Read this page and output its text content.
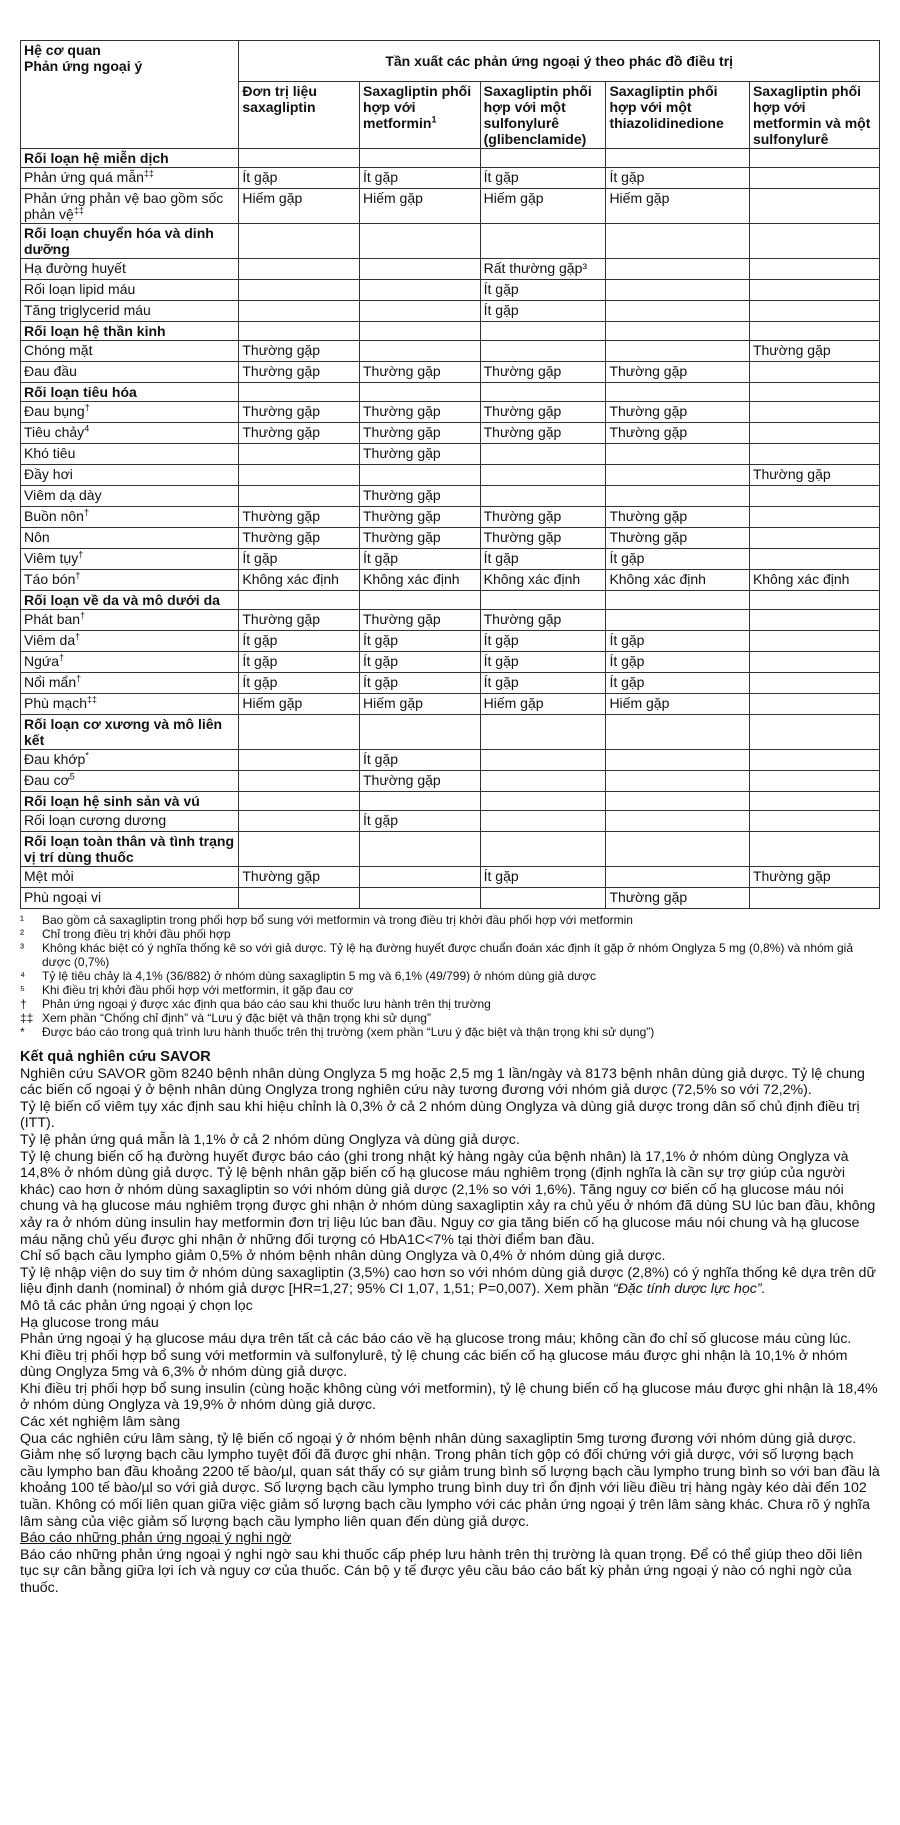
Hệ cơ quan
Phản ứng ngoại ý	Tần xuất các phản ứng ngoại ý theo phác đồ điều trị				
	Đơn trị liệu saxagliptin	Saxagliptin phối hợp với metformin$^1$	Saxagliptin phối hợp với một sulfonylurê (glibenclamide)	Saxagliptin phối hợp với một thiazolidinedione	Saxagliptin phối hợp với metformin và một sulfonylurê
Rối loạn hệ miễn dịch					
Phản ứng quá mẫn‡‡	Ít gặp	Ít gặp	Ít gặp	Ít gặp	
Phản ứng phản vệ bao gồm sốc phản vệ‡‡	Hiếm gặp	Hiếm gặp	Hiếm gặp	Hiếm gặp	
Rối loạn chuyển hóa và dinh dưỡng					
Hạ đường huyết			Rất thường gặp³		
Rối loạn lipid máu			Ít gặp		
Tăng triglycerid máu			Ít gặp		
Rối loạn hệ thần kinh					
Chóng mặt	Thường gặp				Thường gặp
Đau đầu	Thường gặp	Thường gặp	Thường gặp	Thường gặp	
Rối loạn tiêu hóa					
Đau bụng†	Thường gặp	Thường gặp	Thường gặp	Thường gặp	
Tiêu chảy$^4$	Thường gặp	Thường gặp	Thường gặp	Thường gặp	
Khó tiêu		Thường gặp			
Đầy hơi					Thường gặp
Viêm dạ dày		Thường gặp			
Buồn nôn†	Thường gặp	Thường gặp	Thường gặp	Thường gặp	
Nôn	Thường gặp	Thường gặp	Thường gặp	Thường gặp	
Viêm tụy†	Ít gặp	Ít gặp	Ít gặp	Ít gặp	
Táo bón†	Không xác định	Không xác định	Không xác định	Không xác định	Không xác định
Rối loạn về da và mô dưới da					
Phát ban†	Thường gặp	Thường gặp	Thường gặp		
Viêm da†	Ít gặp	Ít gặp	Ít gặp	Ít gặp	
Ngứa†	Ít gặp	Ít gặp	Ít gặp	Ít gặp	
Nổi mẩn†	Ít gặp	Ít gặp	Ít gặp	Ít gặp	
Phù mạch‡‡	Hiếm gặp	Hiếm gặp	Hiếm gặp	Hiếm gặp	
Rối loạn cơ xương và mô liên kết					
Đau khớp*		Ít gặp			
Đau $cơ^5$		Thường gặp			
Rối loạn hệ sinh sản và vú					
Rối loạn cương dương		Ít gặp			
Rối loạn toàn thân và tình trạng vị trí dùng thuốc					
Mệt mỏi	Thường gặp		Ít gặp		Thường gặp
Phù ngoại vi				Thường gặp	
¹	Bao gồm cả saxagliptin trong phối hợp bổ sung với metformin và trong điều trị khởi đầu phối hợp với metformin
²	Chỉ trong điều trị khởi đầu phối hợp
³	Không khác biệt có ý nghĩa thống kê so với giả dược. Tỷ lệ hạ đường huyết được chuẩn đoán xác định ít gặp ở nhóm Onglyza 5 mg (0,8%) và nhóm giả dược (0,7%)
⁴	Tỷ lệ tiêu chảy là 4,1% (36/882) ở nhóm dùng saxagliptin 5 mg và 6,1% (49/799) ở nhóm dùng giả dược
⁵	Khi điều trị khởi đầu phối hợp với metformin, ít gặp đau cơ
†	Phản ứng ngoại ý được xác định qua báo cáo sau khi thuốc lưu hành trên thị trường
‡‡ Xem phần “Chống chỉ định” và “Lưu ý đặc biệt và thận trọng khi sử dụng”
*	Được báo cáo trong quá trình lưu hành thuốc trên thị trường (xem phần “Lưu ý đặc biệt và thận trọng khi sử dụng”)
Kết quả nghiên cứu SAVOR

Nghiên cứu SAVOR gồm 8240 bệnh nhân dùng Onglyza 5 mg hoặc 2,5 mg 1 lần/ngày và 8173 bệnh nhân dùng giả dược. Tỷ lệ chung các biến cố ngoại ý ở bệnh nhân dùng Onglyza trong nghiên cứu này tương đương với nhóm giả dược (72,5% so với 72,2%).

Tỷ lệ biến cố viêm tụy xác định sau khi hiệu chỉnh là 0,3% ở cả 2 nhóm dùng Onglyza và dùng giả dược trong dân số chủ định điều trị (ITT).

Tỷ lệ phản ứng quá mẫn là 1,1% ở cả 2 nhóm dùng Onglyza và dùng giả dược.

Tỷ lệ chung biến cố hạ đường huyết được báo cáo (ghi trong nhật ký hàng ngày của bệnh nhân) là 17,1% ở nhóm dùng Onglyza và 14,8% ở nhóm dùng giả dược. Tỷ lệ bệnh nhân gặp biến cố hạ glucose máu nghiêm trọng (định nghĩa là cần sự trợ giúp của người khác) cao hơn ở nhóm dùng saxagliptin so với nhóm dùng giả dược (2,1% so với 1,6%). Tăng nguy cơ biến cố hạ glucose máu nói chung và hạ glucose máu nghiêm trọng được ghi nhận ở nhóm dùng saxagliptin xảy ra chủ yếu ở nhóm đã dùng SU lúc ban đầu, không xảy ra ở nhóm dùng insulin hay metformin đơn trị liệu lúc ban đầu. Nguy cơ gia tăng biến cố hạ glucose máu nói chung và hạ glucose máu nặng chủ yếu được ghi nhận ở những đối tượng có HbA1C<7% tại thời điểm ban đầu.

Chỉ số bạch cầu lympho giảm 0,5% ở nhóm bệnh nhân dùng Onglyza và 0,4% ở nhóm dùng giả dược.

Tỷ lệ nhập viện do suy tim ở nhóm dùng saxagliptin (3,5%) cao hơn so với nhóm dùng giả dược (2,8%) có ý nghĩa thống kê dựa trên dữ liệu định danh (nominal) ở nhóm giả dược [HR=1,27; 95% CI 1,07, 1,51; P=0,007). Xem phần “Đặc tính dược lực học”.

Mô tả các phản ứng ngoại ý chọn lọc

Hạ glucose trong máu

Phản ứng ngoại ý hạ glucose máu dựa trên tất cả các báo cáo về hạ glucose trong máu; không cần đo chỉ số glucose máu cùng lúc.

Khi điều trị phối hợp bổ sung với metformin và sulfonylurê, tỷ lệ chung các biến cố hạ glucose máu được ghi nhận là 10,1% ở nhóm dùng Onglyza 5mg và 6,3% ở nhóm dùng giả dược.

Khi điều trị phối hợp bổ sung insulin (cùng hoặc không cùng với metformin), tỷ lệ chung biến cố hạ glucose máu được ghi nhận là 18,4% ở nhóm dùng Onglyza và 19,9% ở nhóm dùng giả dược.

Các xét nghiệm lâm sàng

Qua các nghiên cứu lâm sàng, tỷ lệ biến cố ngoại ý ở nhóm bệnh nhân dùng saxagliptin 5mg tương đương với nhóm dùng giả dược. Giảm nhẹ số lượng bạch cầu lympho tuyệt đối đã được ghi nhận. Trong phân tích gộp có đối chứng với giả dược, với số lượng bạch cầu lympho ban đầu khoảng 2200 tế bào/µl, quan sát thấy có sự giảm trung bình số lượng bạch cầu lympho trung bình so với ban đầu là khoảng 100 tế bào/µl so với giả dược. Số lượng bạch cầu lympho trung bình duy trì ổn định với liều điều trị hàng ngày kéo dài đến 102 tuần. Không có mối liên quan giữa việc giảm số lượng bạch cầu lympho với các phản ứng ngoại ý trên lâm sàng khác. Chưa rõ ý nghĩa lâm sàng của việc giảm số lượng bạch cầu lympho liên quan đến dùng giả dược.

Báo cáo những phản ứng ngoại ý nghi ngờ

Báo cáo những phản ứng ngoại ý nghi ngờ sau khi thuốc cấp phép lưu hành trên thị trường là quan trọng. Để có thể giúp theo dõi liên tục sự cân bằng giữa lợi ích và nguy cơ của thuốc. Cán bộ y tế được yêu cầu báo cáo bất kỳ phản ứng ngoại ý nào có nghi ngờ của thuốc.
